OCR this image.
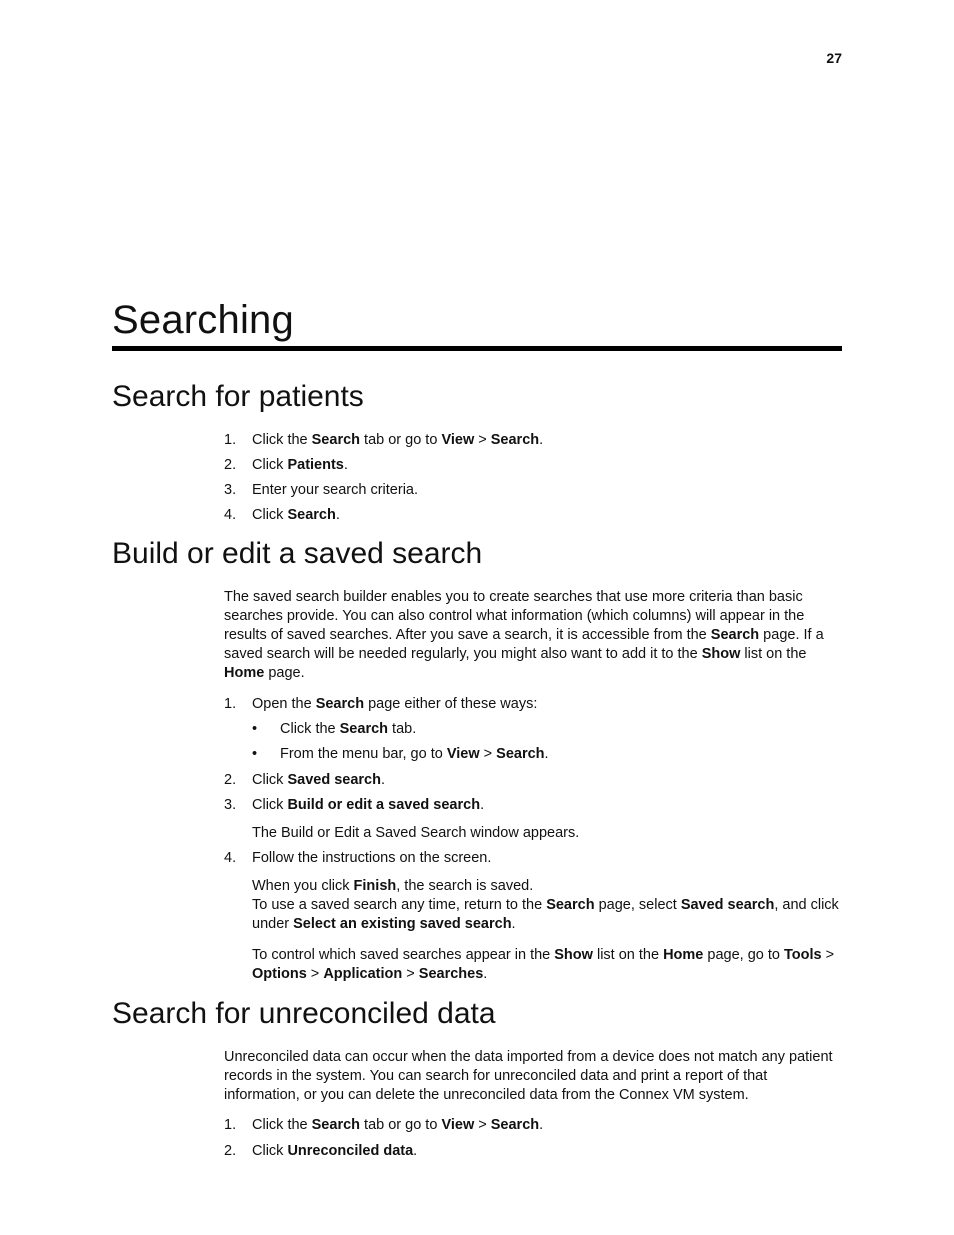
27
Searching
Search for patients
1. Click the Search tab or go to View > Search.
2. Click Patients.
3. Enter your search criteria.
4. Click Search.
Build or edit a saved search

The saved search builder enables you to create searches that use more criteria than basic searches provide. You can also control what information (which columns) will appear in the results of saved searches. After you save a search, it is accessible from the Search page. If a saved search will be needed regularly, you might also want to add it to the Show list on the Home page.

1. Open the Search page either of these ways:
• Click the Search tab.
• From the menu bar, go to View > Search.
2. Click Saved search.
3. Click Build or edit a saved search.

The Build or Edit a Saved Search window appears.

4. Follow the instructions on the screen.

When you click Finish, the search is saved.

To use a saved search any time, return to the Search page, select Saved search, and click under Select an existing saved search.

To control which saved searches appear in the Show list on the Home page, go to Tools > Options > Application > Searches.

Search for unreconciled data

Unreconciled data can occur when the data imported from a device does not match any patient records in the system. You can search for unreconciled data and print a report of that information, or you can delete the unreconciled data from the Connex VM system.

1. Click the Search tab or go to View > Search.
2. Click Unreconciled data.
